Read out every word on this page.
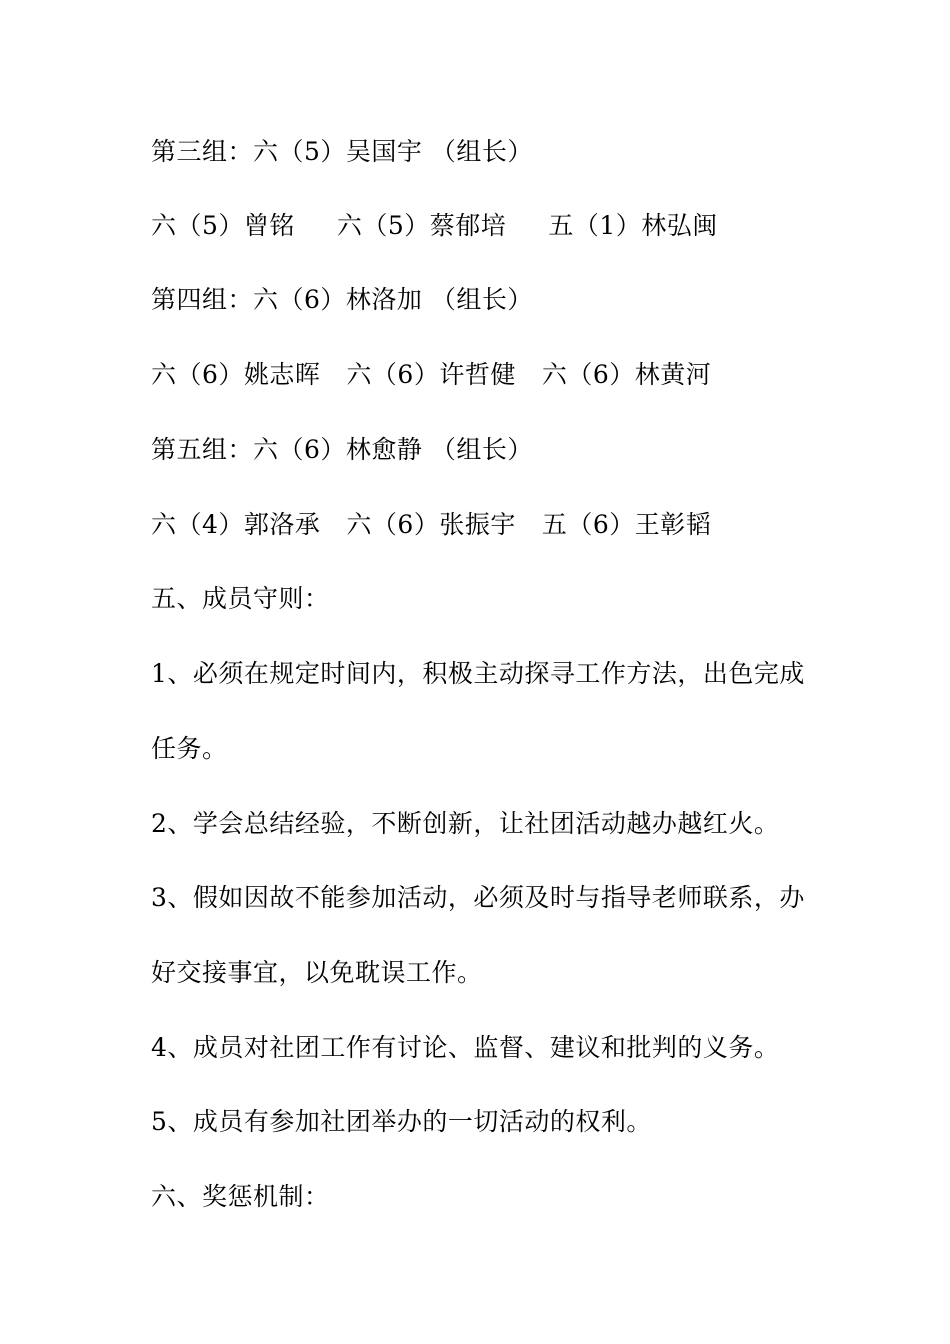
第三组：六（5）吴国宇 （组长）
六（5）曾铭 六（5）蔡郁培 五（1）林弘闽
第四组：六（6）林洛加 （组长）
六（6）姚志晖 六（6）许哲健 六（6）林黄河
第五组：六（6）林愈静 （组长）
六（4）郭洛承 六（6）张振宇 五（6）王彰韬
五、成员守则：
1、必须在规定时间内，积极主动探寻工作方法，出色完成
任务。
2、学会总结经验，不断创新，让社团活动越办越红火。
3、假如因故不能参加活动，必须及时与指导老师联系，办
好交接事宜，以免耽误工作。
4、成员对社团工作有讨论、监督、建议和批判的义务。
5、成员有参加社团举办的一切活动的权利。
六、奖惩机制：
